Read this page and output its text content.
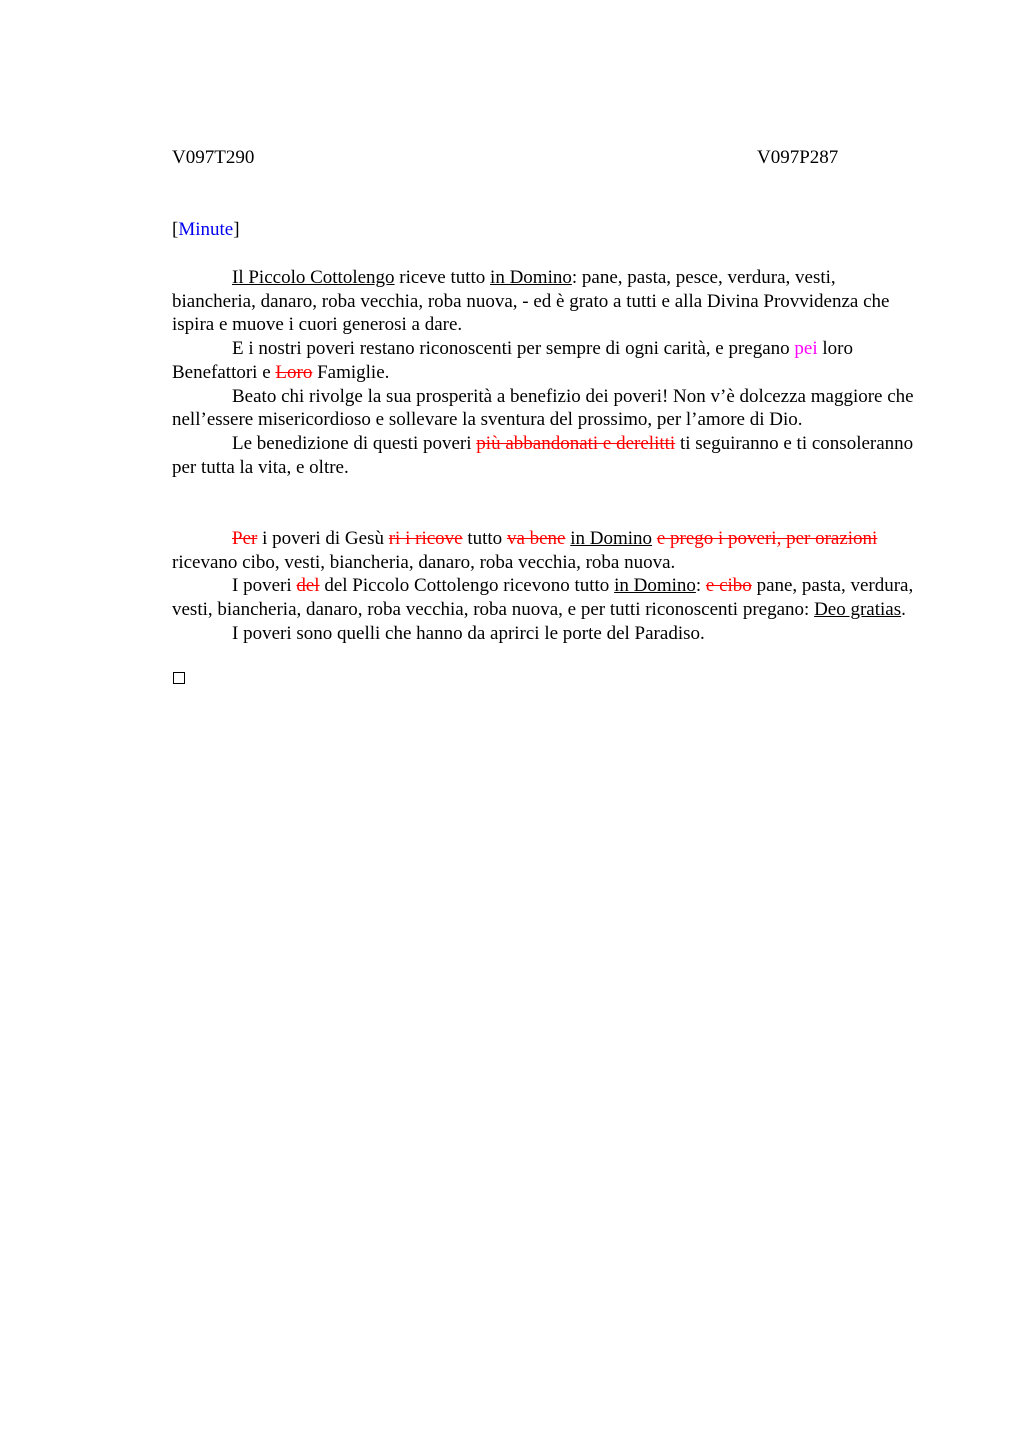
V097T290	V097P287
[Minute]

Il Piccolo Cottolengo riceve tutto in Domino: pane, pasta, pesce, verdura, vesti, biancheria, danaro, roba vecchia, roba nuova, - ed è grato a tutti e alla Divina Provvidenza che ispira e muove i cuori generosi a dare.

E i nostri poveri restano riconoscenti per sempre di ogni carità, e pregano pei loro Benefattori e Loro Famiglie.

Beato chi rivolge la sua prosperità a benefizio dei poveri! Non v’è dolcezza maggiore che nell’essere misericordioso e sollevare la sventura del prossimo, per l’amore di Dio.

Le benedizione di questi poveri più abbandonati e derelitti ti seguiranno e ti consoleranno per tutta la vita, e oltre.

Per i poveri di Gesù ri i ricove tutto va bene in Domino e prego i poveri, per orazioni ricevano cibo, vesti, biancheria, danaro, roba vecchia, roba nuova.

I poveri del del Piccolo Cottolengo ricevono tutto in Domino: e cibo pane, pasta, verdura, vesti, biancheria, danaro, roba vecchia, roba nuova, e per tutti riconoscenti pregano: Deo gratias.

I poveri sono quelli che hanno da aprirci le porte del Paradiso.
